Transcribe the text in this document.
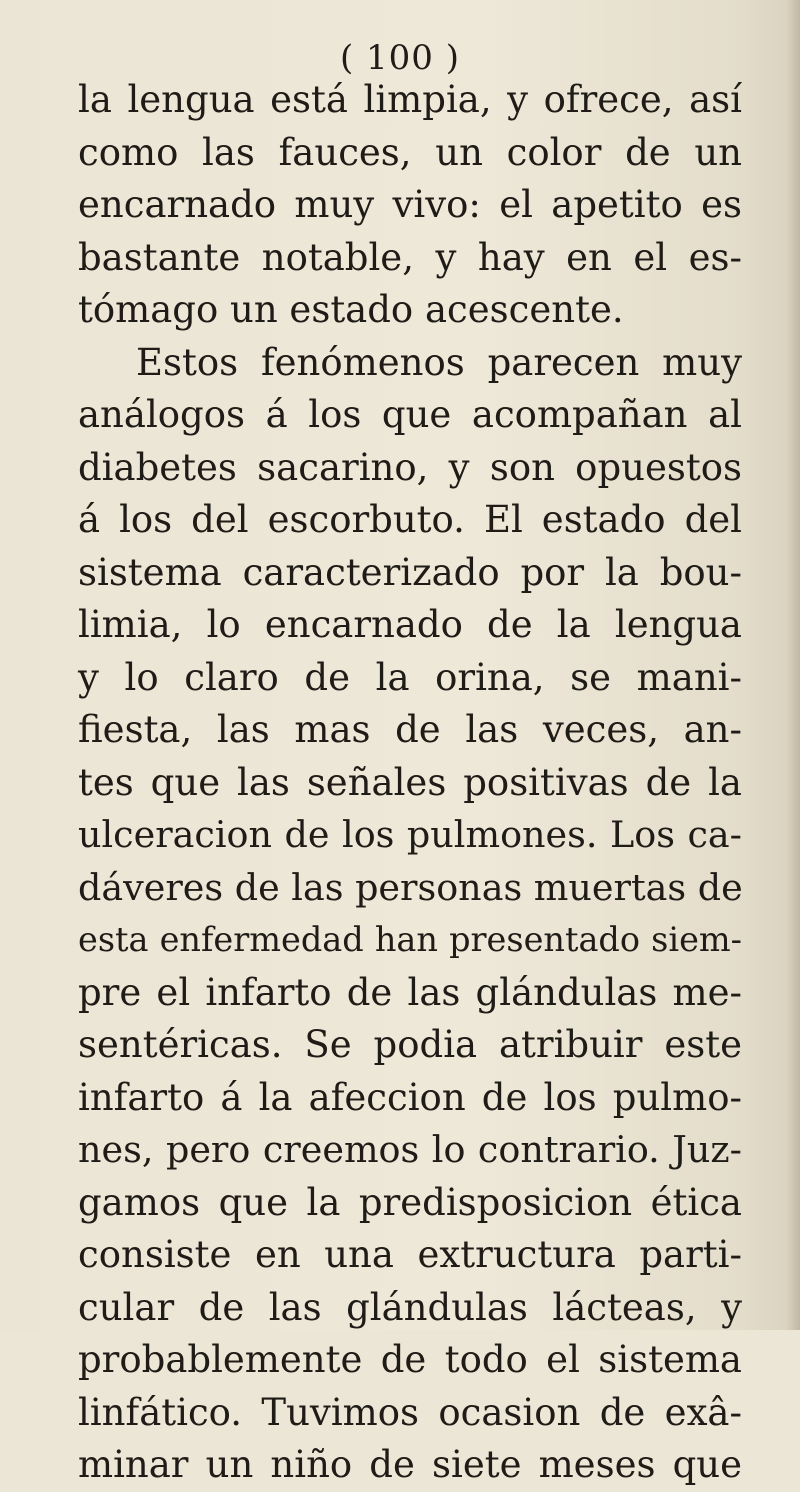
( 100 )
la lengua está limpia, y ofrece, así
como las fauces, un color de un
encarnado muy vivo: el apetito es
bastante notable, y hay en el es-
tómago un estado acescente.
Estos fenómenos parecen muy
análogos á los que acompañan al
diabetes sacarino, y son opuestos
á los del escorbuto. El estado del
sistema caracterizado por la bou-
limia, lo encarnado de la lengua
y lo claro de la orina, se mani-
fiesta, las mas de las veces, an-
tes que las señales positivas de la
ulceracion de los pulmones. Los ca-
dáveres de las personas muertas de
esta enfermedad han presentado siem-
pre el infarto de las glándulas me-
sentéricas. Se podia atribuir este
infarto á la afeccion de los pulmo-
nes, pero creemos lo contrario. Juz-
gamos que la predisposicion ética
consiste en una extructura parti-
cular de las glándulas lácteas, y
probablemente de todo el sistema
linfático. Tuvimos ocasion de exâ-
minar un niño de siete meses que
